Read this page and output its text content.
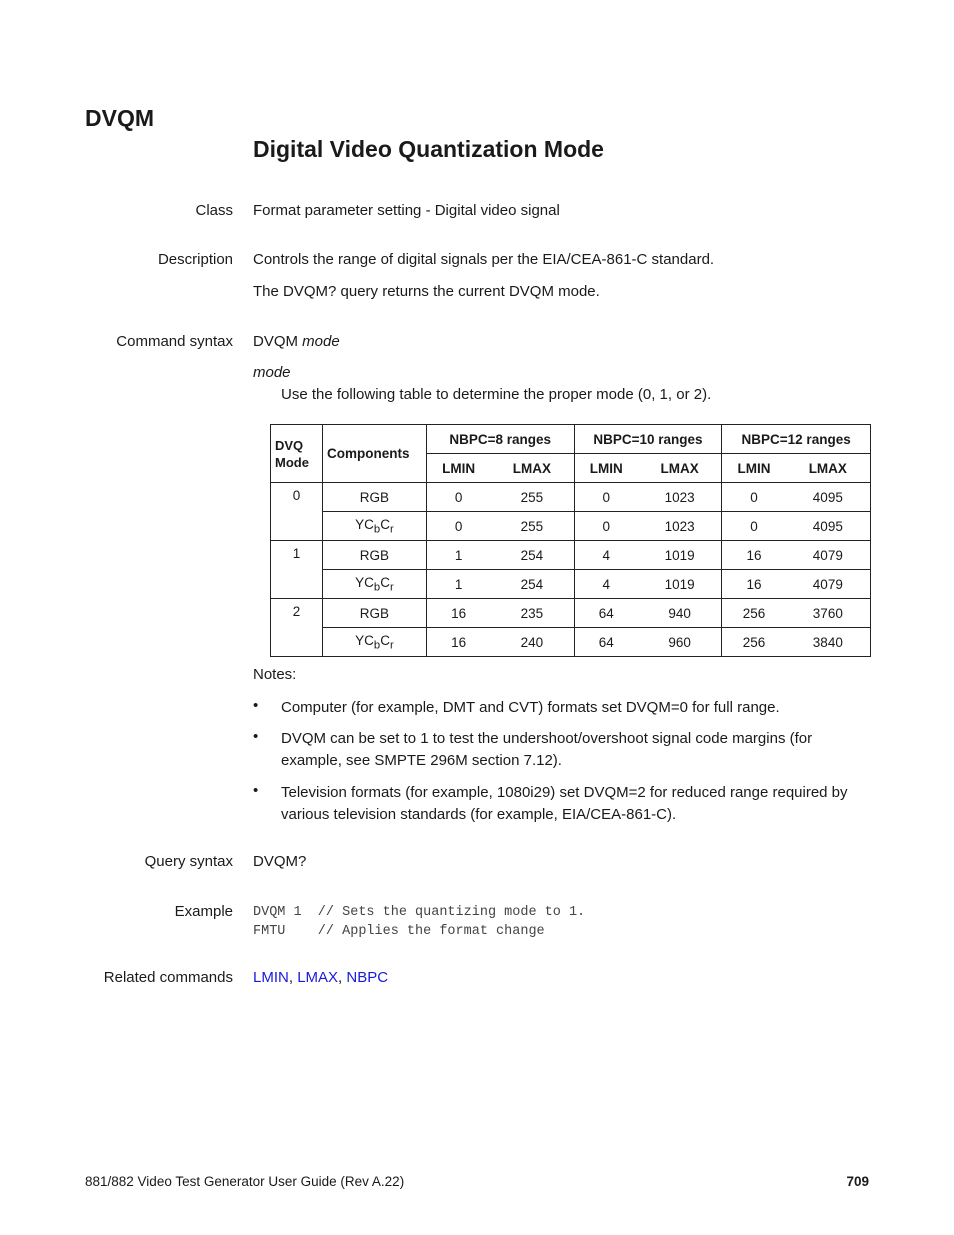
DVQM
Digital Video Quantization Mode
Class Format parameter setting - Digital video signal
Description Controls the range of digital signals per the EIA/CEA-861-C standard.
The DVQM? query returns the current DVQM mode.
Command syntax DVQM mode
mode
Use the following table to determine the proper mode (0, 1, or 2).
DVQ Mode	Components	NBPC=8 ranges		NBPC=10 ranges		NBPC=12 ranges	
		LMIN	LMAX	LMIN	LMAX	LMIN	LMAX
0	RGB	0	255	0	1023	0	4095
	$YC_bC_r$	0	255	0	1023	0	4095
1	RGB	1	254	4	1019	16	4079
	$YC_bC_r$	1	254	4	1019	16	4079
2	RGB	16	235	64	940	256	3760
	$YC_bC_r$	16	240	64	960	256	3840
Notes:
• Computer (for example, DMT and CVT) formats set DVQM=0 for full range.
• DVQM can be set to 1 to test the undershoot/overshoot signal code margins (for example, see SMPTE 296M section 7.12).
• Television formats (for example, 1080i29) set DVQM=2 for reduced range required by various television standards (for example, EIA/CEA-861-C).
Query syntax DVQM?
Example DVQM 1  // Sets the quantizing mode to 1.
FMTU    // Applies the format change
Related commands LMIN, LMAX, NBPC
881/882 Video Test Generator User Guide (Rev A.22)	709
